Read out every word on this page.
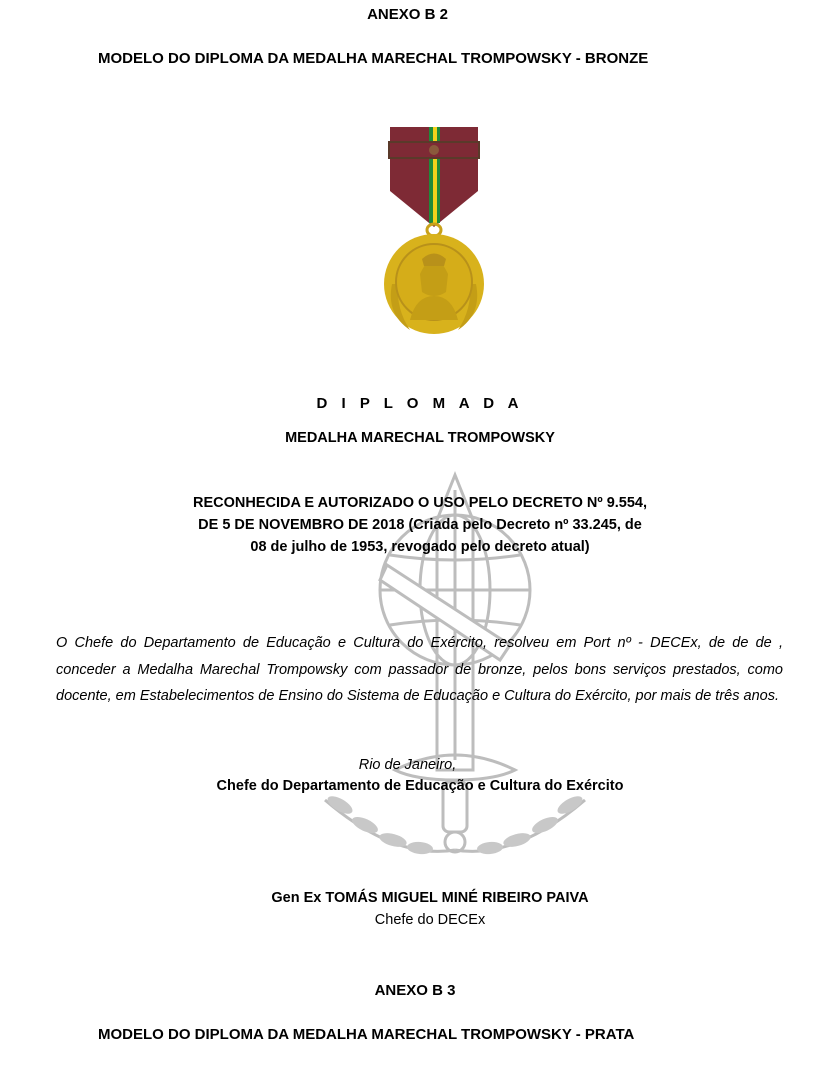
ANEXO B 2
MODELO DO DIPLOMA DA MEDALHA MARECHAL TROMPOWSKY - BRONZE
D I P L O M A D A
MEDALHA MARECHAL TROMPOWSKY
RECONHECIDA E AUTORIZADO O USO PELO DECRETO Nº 9.554,
DE 5 DE NOVEMBRO DE 2018 (Criada pelo Decreto nº 33.245, de
08 de julho de 1953, revogado pelo decreto atual)
O Chefe do Departamento de Educação e Cultura do Exército, resolveu em Port nº - DECEx, de de de , conceder a Medalha Marechal Trompowsky com passador de bronze, pelos bons serviços prestados, como docente, em Estabelecimentos de Ensino do Sistema de Educação e Cultura do Exército, por mais de três anos.
Rio de Janeiro,
Chefe do Departamento de Educação e Cultura do Exército
Gen Ex TOMÁS MIGUEL MINÉ RIBEIRO PAIVA
Chefe do DECEx
ANEXO B 3
MODELO DO DIPLOMA DA MEDALHA MARECHAL TROMPOWSKY - PRATA
